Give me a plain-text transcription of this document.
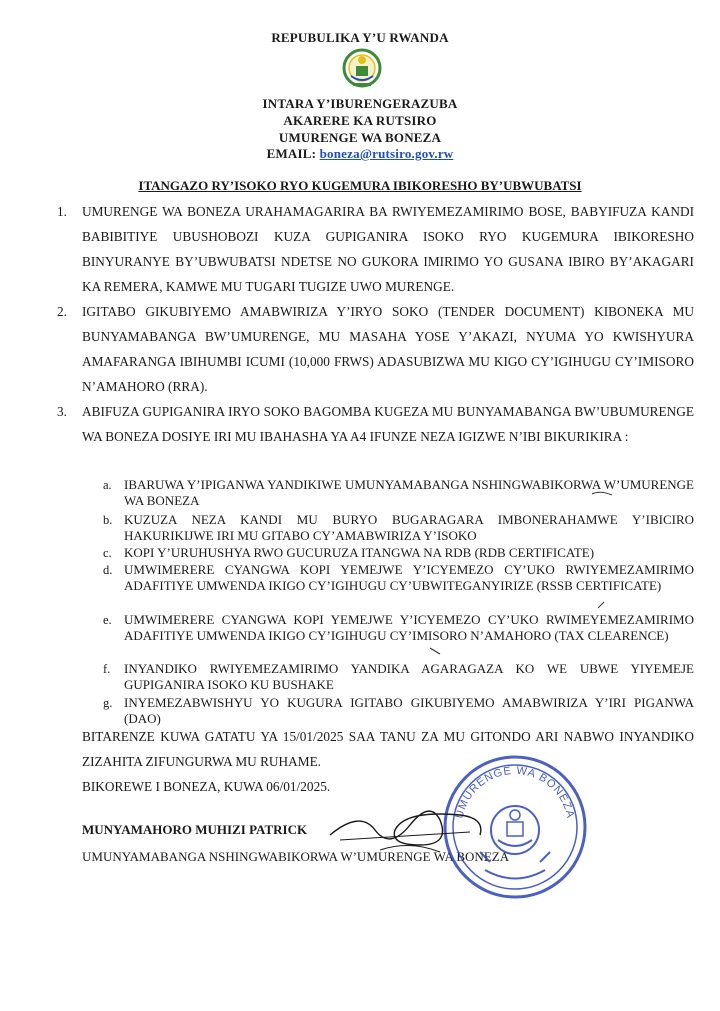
REPUBULIKA Y’U RWANDA
INTARA Y’IBURENGERAZUBA
AKARERE KA RUTSIRO
UMURENGE WA BONEZA
EMAIL: boneza@rutsiro.gov.rw
ITANGAZO RY’ISOKO RYO KUGEMURA IBIKORESHO BY’UBWUBATSI
1. UMURENGE WA BONEZA URAHAMAGARIRA BA RWIYEMEZAMIRIMO BOSE, BABYIFUZA KANDI BABIBITIYE UBUSHOBOZI KUZA GUPIGANIRA ISOKO RYO KUGEMURA IBIKORESHO BINYURANYE BY’UBWUBATSI NDETSE NO GUKORA IMIRIMO YO GUSANA IBIRO BY’AKAGARI KA REMERA, KAMWE MU TUGARI TUGIZE UWO MURENGE.
2. IGITABO GIKUBIYEMO AMABWIRIZA Y’IRYO SOKO (TENDER DOCUMENT) KIBONEKA MU BUNYAMABANGA BW’UMURENGE, MU MASAHA YOSE Y’AKAZI, NYUMA YO KWISHYURA AMAFARANGA IBIHUMBI ICUMI (10,000 FRWS) ADASUBIZWA MU KIGO CY’IGIHUGU CY’IMISORO N’AMAHORO (RRA).
3. ABIFUZA GUPIGANIRA IRYO SOKO BAGOMBA KUGEZA MU BUNYAMABANGA BW’UBUMURENGE WA BONEZA DOSIYE IRI MU IBAHASHA YA A4 IFUNZE NEZA IGIZWE N’IBI BIKURIKIRA :
a. IBARUWA Y’IPIGANWA YANDIKIWE UMUNYAMABANGA NSHINGWABIKORWA W’UMURENGE WA BONEZA
b. KUZUZA NEZA KANDI MU BURYO BUGARAGARA IMBONERAHAMWE Y’IBICIRO HAKURIKIJWE IRI MU GITABO CY’AMABWIRIZA Y’ISOKO
c. KOPI Y’URUHUSHYA RWO GUCURUZA ITANGWA NA RDB (RDB CERTIFICATE)
d. UMWIMERERE CYANGWA KOPI YEMEJWE Y’ICYEMEZO CY’UKO RWIYEMEZAMIRIMO ADAFITIYE UMWENDA IKIGO CY’IGIHUGU CY’UBWITEGANYIRIZE (RSSB CERTIFICATE)
e. UMWIMERERE CYANGWA KOPI YEMEJWE Y’ICYEMEZO CY’UKO RWIMEYEMEZAMIRIMO ADAFITIYE UMWENDA IKIGO CY’IGIHUGU CY’IMISORO N’AMAHORO (TAX CLEARENCE)
f. INYANDIKO RWIYEMEZAMIRIMO YANDIKA AGARAGAZA KO WE UBWE YIYEMEJE GUPIGANIRA ISOKO KU BUSHAKE
g. INYEMEZABWISHYU YO KUGURA IGITABO GIKUBIYEMO AMABWIRIZA Y’IRI PIGANWA (DAO)
BITARENZE KUWA GATATU YA 15/01/2025 SAA TANU ZA MU GITONDO ARI NABWO INYANDIKO ZIZAHITA ZIFUNGURWA MU RUHAME.
BIKOREWE I BONEZA, KUWA 06/01/2025.
MUNYAMAHORO MUHIZI PATRICK
UMUNYAMABANGA NSHINGWABIKORWA W’UMURENGE WA BONEZA
UMURENGE WA BONEZA
